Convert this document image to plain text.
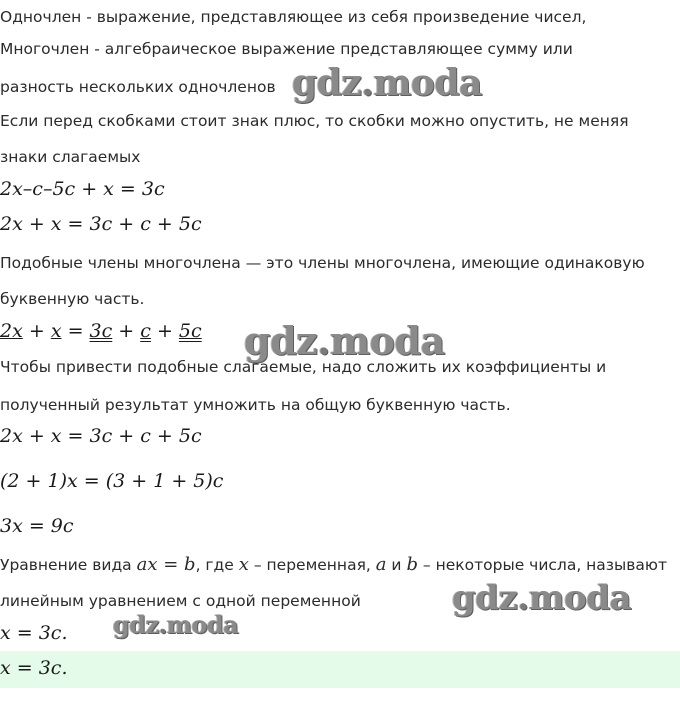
Одночлен - выражение, представляющее из себя произведение чисел,
Многочлен - алгебраическое выражение представляющее сумму или
разность нескольких одночленов gdz.moda
Если перед скобками стоит знак плюс, то скобки можно опустить, не меняя
знаки слагаемых
2x–c–5c + x = 3c
2x + x = 3c + c + 5c
Подобные члены многочлена — это члены многочлена, имеющие одинаковую
буквенную часть.
2x + x = 3c + c + 5c gdz.moda
Чтобы привести подобные слагаемые, надо сложить их коэффициенты и
полученный результат умножить на общую буквенную часть.
2x + x = 3c + c + 5c
(2 + 1)x = (3 + 1 + 5)c
3x = 9c
Уравнение вида ax = b, где x – переменная, a и b – некоторые числа, называют
линейным уравнением с одной переменной	gdz.moda
x = 3c. gdz.moda
x = 3c.
